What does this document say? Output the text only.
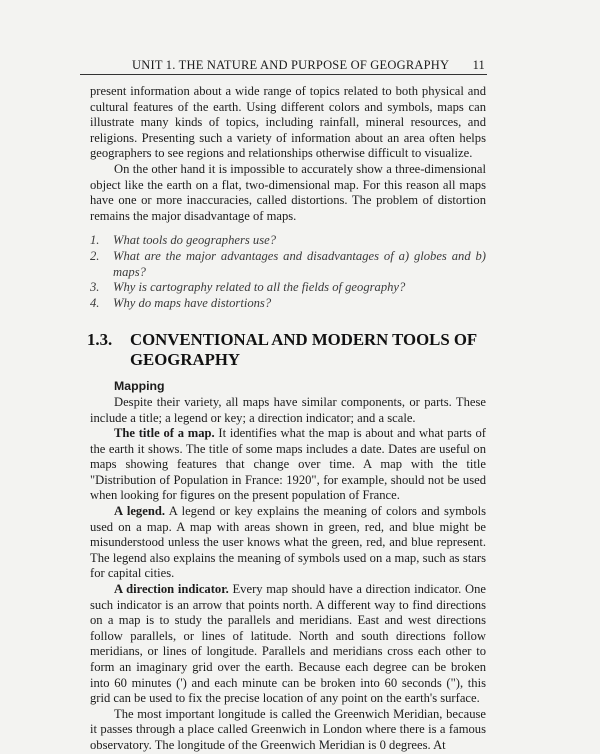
UNIT 1. THE NATURE AND PURPOSE OF GEOGRAPHY 11

present information about a wide range of topics related to both physical and cultural features of the earth. Using different colors and symbols, maps can illustrate many kinds of topics, including rainfall, mineral resources, and religions. Presenting such a variety of information about an area often helps geographers to see regions and relationships otherwise difficult to visualize.

On the other hand it is impossible to accurately show a three-dimensional object like the earth on a flat, two-dimensional map. For this reason all maps have one or more inaccuracies, called distortions. The problem of distortion remains the major disadvantage of maps.

1. What tools do geographers use?
2. What are the major advantages and disadvantages of a) globes and b) maps?
3. Why is cartography related to all the fields of geography?
4. Why do maps have distortions?
1.3. CONVENTIONAL AND MODERN TOOLS OF GEOGRAPHY
Mapping

Despite their variety, all maps have similar components, or parts. These include a title; a legend or key; a direction indicator; and a scale.

The title of a map. It identifies what the map is about and what parts of the earth it shows. The title of some maps includes a date. Dates are useful on maps showing features that change over time. A map with the title "Distribution of Population in France: 1920", for example, should not be used when looking for figures on the present population of France.

A legend. A legend or key explains the meaning of colors and symbols used on a map. A map with areas shown in green, red, and blue might be misunderstood unless the user knows what the green, red, and blue represent. The legend also explains the meaning of symbols used on a map, such as stars for capital cities.

A direction indicator. Every map should have a direction indicator. One such indicator is an arrow that points north. A different way to find directions on a map is to study the parallels and meridians. East and west directions follow parallels, or lines of latitude. North and south directions follow meridians, or lines of longitude. Parallels and meridians cross each other to form an imaginary grid over the earth. Because each degree can be broken into 60 minutes (') and each minute can be broken into 60 seconds ("), this grid can be used to fix the precise location of any point on the earth's surface.

The most important longitude is called the Greenwich Meridian, because it passes through a place called Greenwich in London where there is a famous observatory. The longitude of the Greenwich Meridian is 0 degrees. At
